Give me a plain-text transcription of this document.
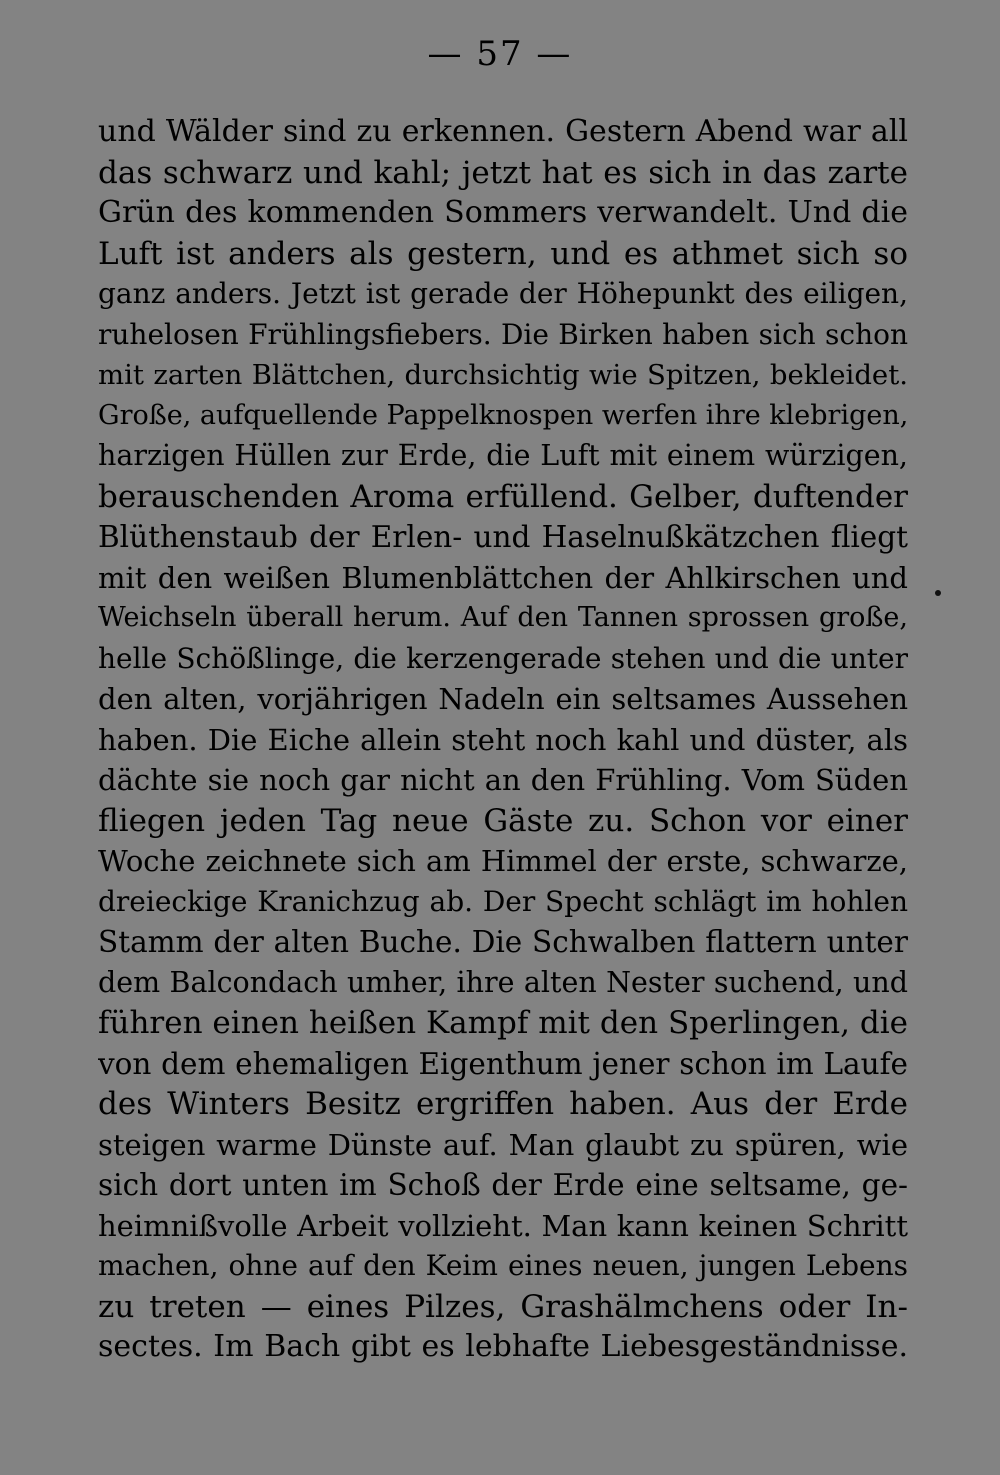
— 57 —
und Wälder sind zu erkennen. Gestern Abend war all
das schwarz und kahl; jetzt hat es sich in das zarte
Grün des kommenden Sommers verwandelt. Und die
Luft ist anders als gestern, und es athmet sich so
ganz anders. Jetzt ist gerade der Höhepunkt des eiligen,
ruhelosen Frühlingsfiebers. Die Birken haben sich schon
mit zarten Blättchen, durchsichtig wie Spitzen, bekleidet.
Große, aufquellende Pappelknospen werfen ihre klebrigen,
harzigen Hüllen zur Erde, die Luft mit einem würzigen,
berauschenden Aroma erfüllend. Gelber, duftender
Blüthenstaub der Erlen- und Haselnußkätzchen fliegt
mit den weißen Blumenblättchen der Ahlkirschen und
Weichseln überall herum. Auf den Tannen sprossen große,
helle Schößlinge, die kerzengerade stehen und die unter
den alten, vorjährigen Nadeln ein seltsames Aussehen
haben. Die Eiche allein steht noch kahl und düster, als
dächte sie noch gar nicht an den Frühling. Vom Süden
fliegen jeden Tag neue Gäste zu. Schon vor einer
Woche zeichnete sich am Himmel der erste, schwarze,
dreieckige Kranichzug ab. Der Specht schlägt im hohlen
Stamm der alten Buche. Die Schwalben flattern unter
dem Balcondach umher, ihre alten Nester suchend, und
führen einen heißen Kampf mit den Sperlingen, die
von dem ehemaligen Eigenthum jener schon im Laufe
des Winters Besitz ergriffen haben. Aus der Erde
steigen warme Dünste auf. Man glaubt zu spüren, wie
sich dort unten im Schoß der Erde eine seltsame, ge-
heimnißvolle Arbeit vollzieht. Man kann keinen Schritt
machen, ohne auf den Keim eines neuen, jungen Lebens
zu treten — eines Pilzes, Grashälmchens oder In-
sectes. Im Bach gibt es lebhafte Liebesgeständnisse.
